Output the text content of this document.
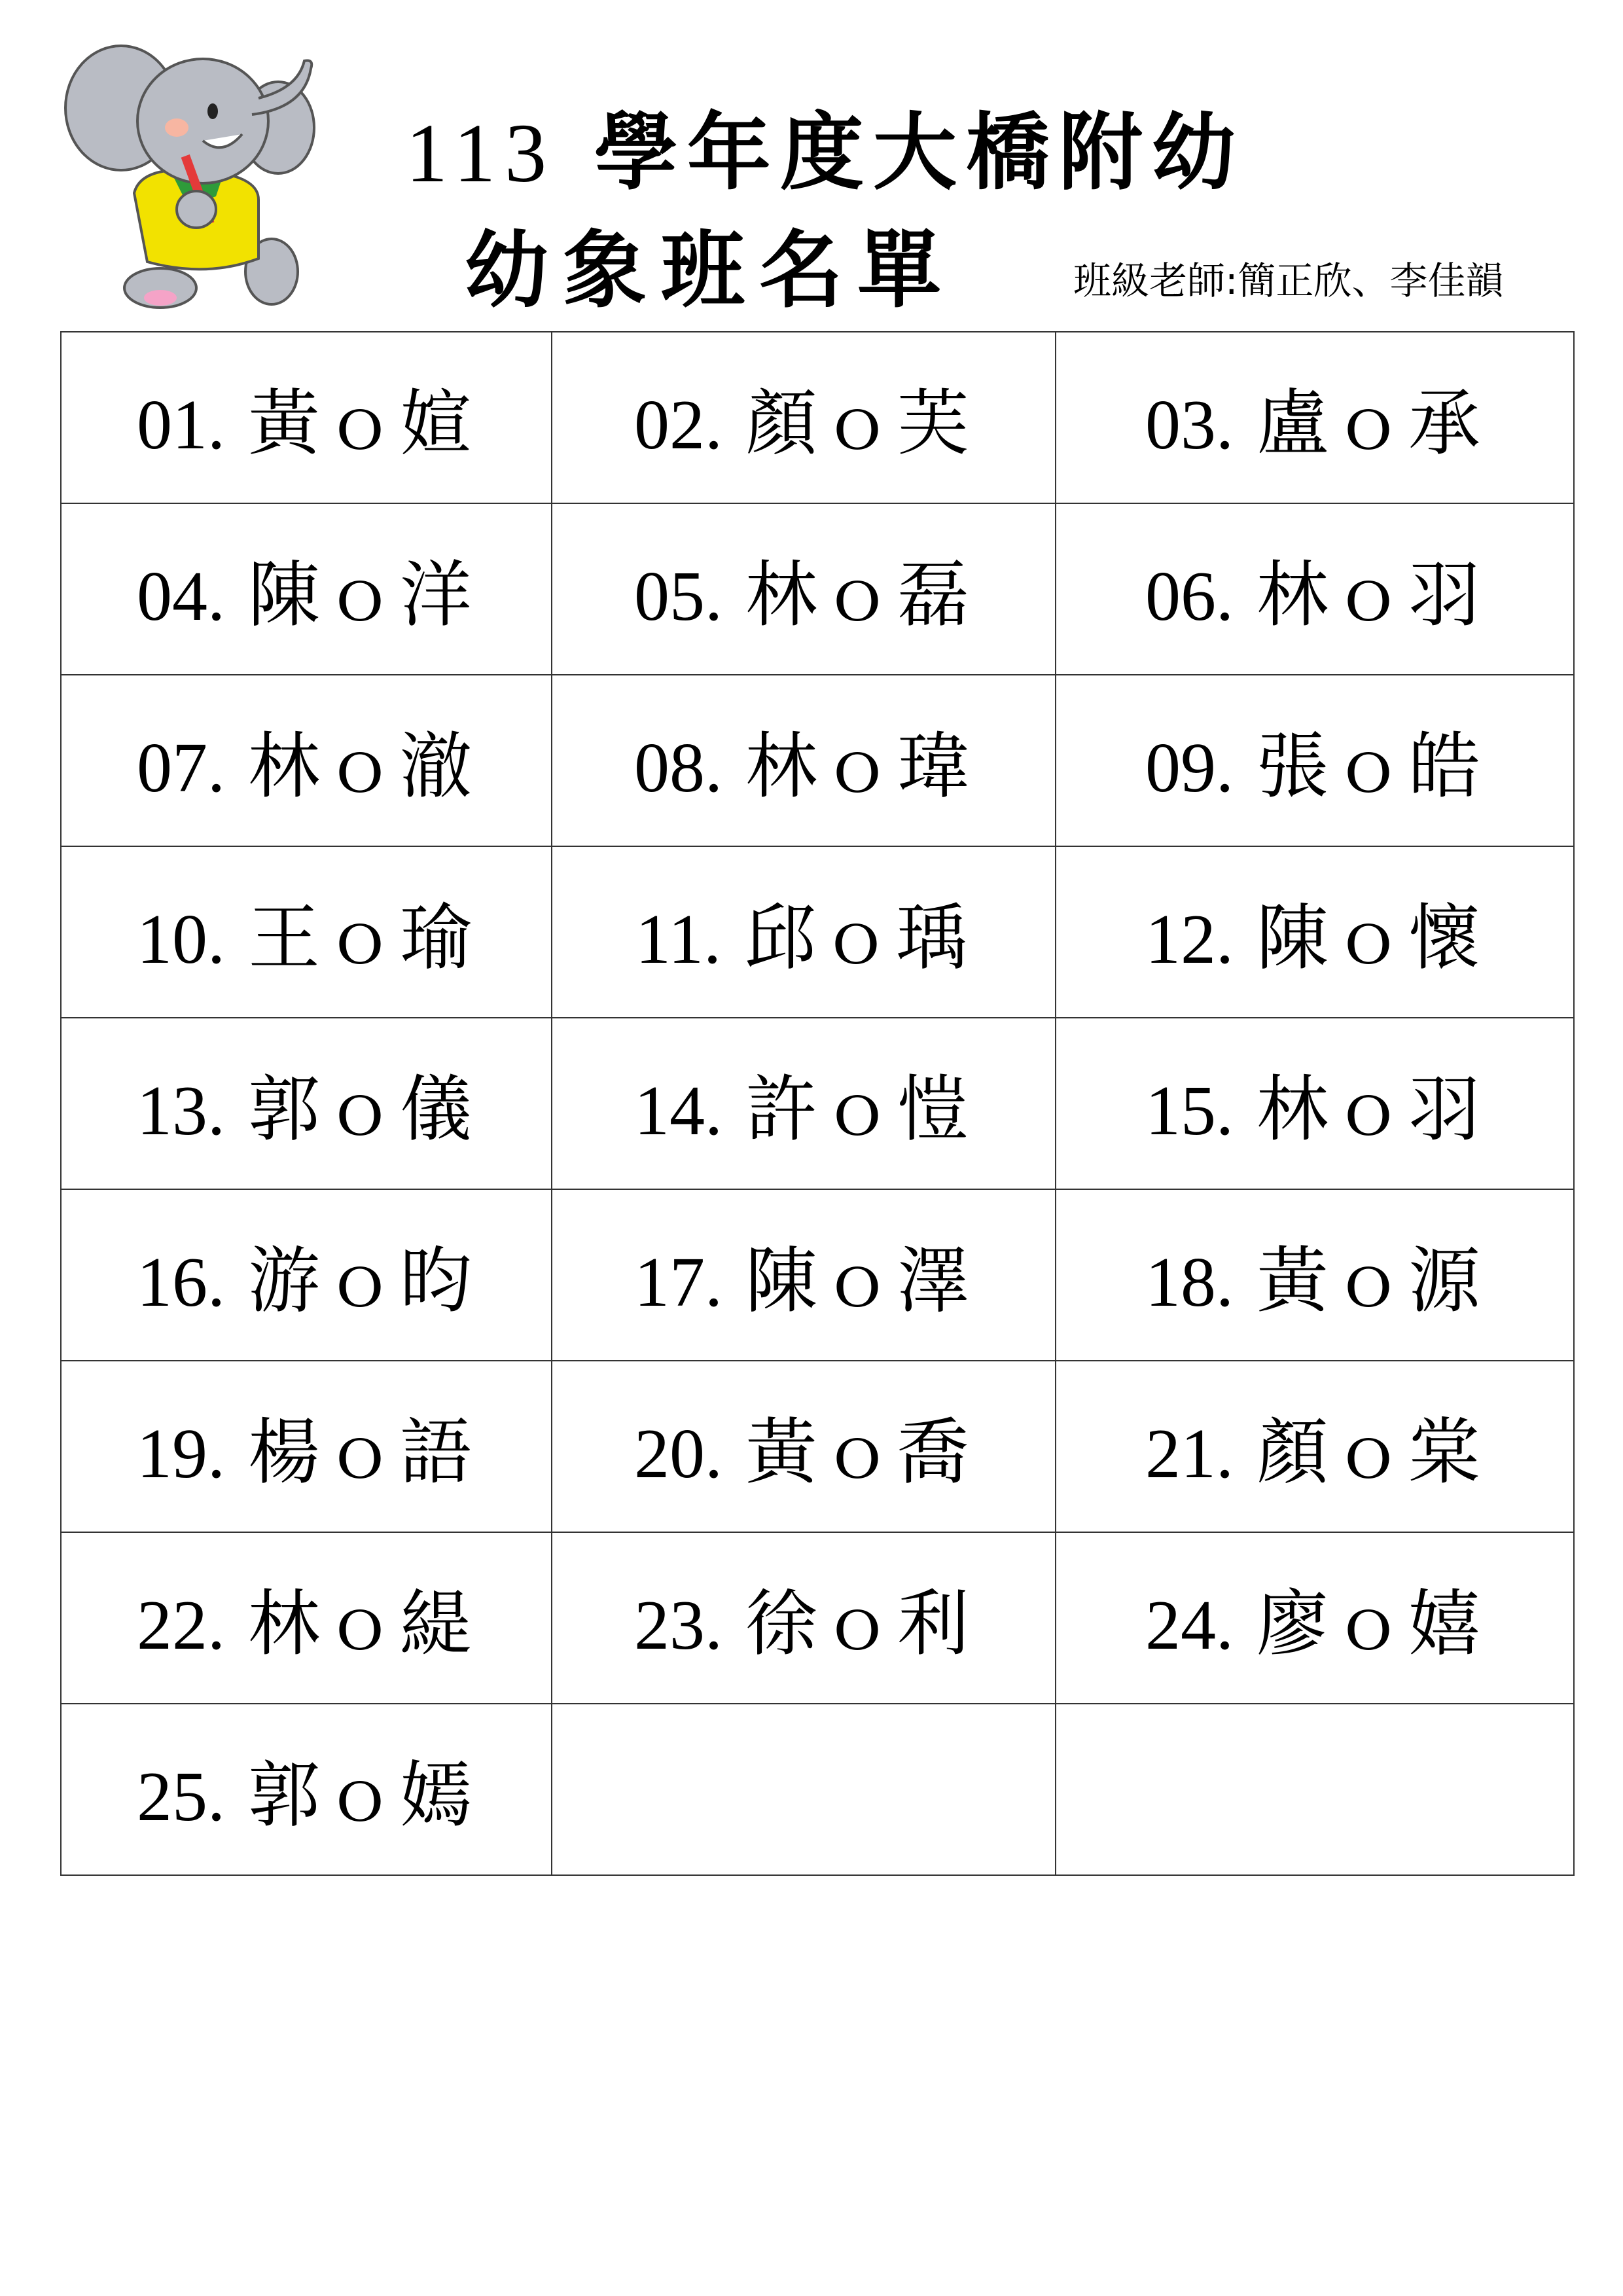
113 學年度大橋附幼
幼象班名單	班級老師:簡正欣、李佳韻
01. 黃ｏ媗	02. 顏ｏ芙	03. 盧ｏ承
04. 陳ｏ洋	05. 林ｏ磊	06. 林ｏ羽
07. 林ｏ澈	08. 林ｏ瑋	09. 張ｏ皓
10. 王ｏ瑜	11. 邱ｏ瑀	12. 陳ｏ懷
13. 郭ｏ儀	14. 許ｏ愷	15. 林ｏ羽
16. 游ｏ昀	17. 陳ｏ澤	18. 黃ｏ源
19. 楊ｏ語	20. 黃ｏ喬	21. 顏ｏ棠
22. 林ｏ緹	23. 徐ｏ利	24. 廖ｏ嬉
25. 郭ｏ嫣		
